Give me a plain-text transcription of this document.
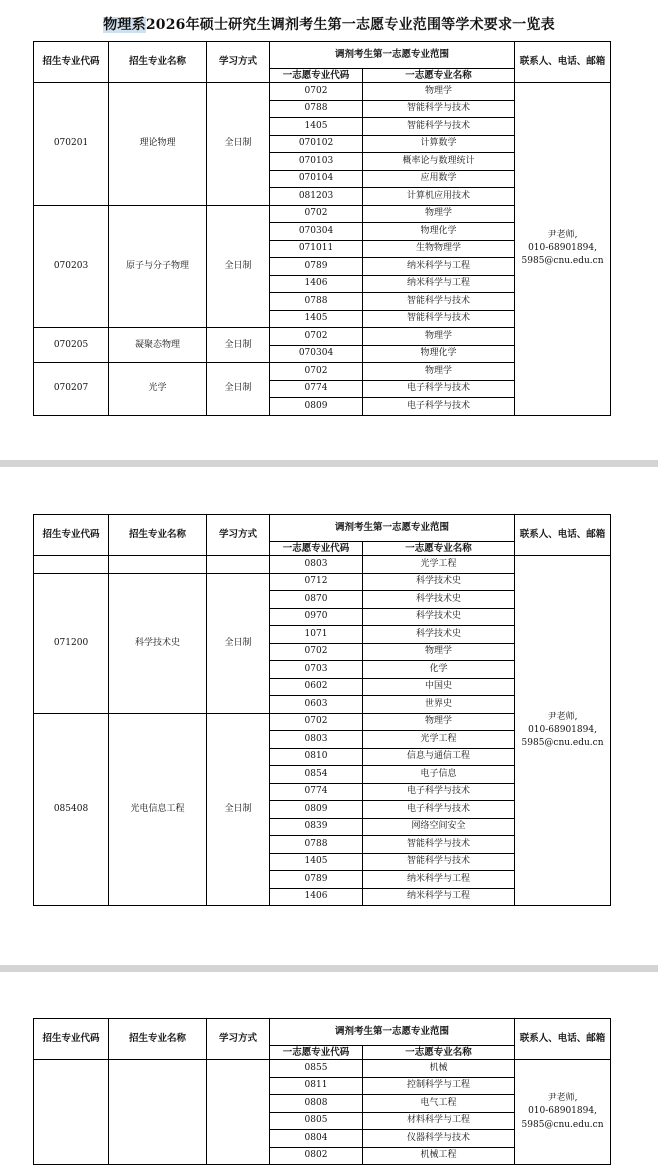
物理系2026年硕士研究生调剂考生第一志愿专业范围等学术要求一览表
招生专业代码	招生专业名称	学习方式	调剂考生第一志愿专业范围		联系人、电话、邮箱
			一志愿专业代码	一志愿专业名称	
070201	理论物理	全日制	0702	物理学	尹老师,
010-68901894,
5985@cnu.edu.cn
			0788	智能科学与技术	
			1405	智能科学与技术	
			070102	计算数学	
			070103	概率论与数理统计	
			070104	应用数学	
			081203	计算机应用技术	
070203	原子与分子物理	全日制	0702	物理学	
			070304	物理化学	
			071011	生物物理学	
			0789	纳米科学与工程	
			1406	纳米科学与工程	
			0788	智能科学与技术	
			1405	智能科学与技术	
070205	凝聚态物理	全日制	0702	物理学	
			070304	物理化学	
070207	光学	全日制	0702	物理学	
			0774	电子科学与技术	
			0809	电子科学与技术	
招生专业代码	招生专业名称	学习方式	调剂考生第一志愿专业范围		联系人、电话、邮箱
			一志愿专业代码	一志愿专业名称	
			0803	光学工程	尹老师,
010-68901894,
5985@cnu.edu.cn
071200	科学技术史	全日制	0712	科学技术史	
			0870	科学技术史	
			0970	科学技术史	
			1071	科学技术史	
			0702	物理学	
			0703	化学	
			0602	中国史	
			0603	世界史	
085408	光电信息工程	全日制	0702	物理学	
			0803	光学工程	
			0810	信息与通信工程	
			0854	电子信息	
			0774	电子科学与技术	
			0809	电子科学与技术	
			0839	网络空间安全	
			0788	智能科学与技术	
			1405	智能科学与技术	
			0789	纳米科学与工程	
			1406	纳米科学与工程	
招生专业代码	招生专业名称	学习方式	调剂考生第一志愿专业范围		联系人、电话、邮箱
			一志愿专业代码	一志愿专业名称	
			0855	机械	尹老师,
010-68901894,
5985@cnu.edu.cn
			0811	控制科学与工程	
			0808	电气工程	
			0805	材料科学与工程	
			0804	仪器科学与技术	
			0802	机械工程	
